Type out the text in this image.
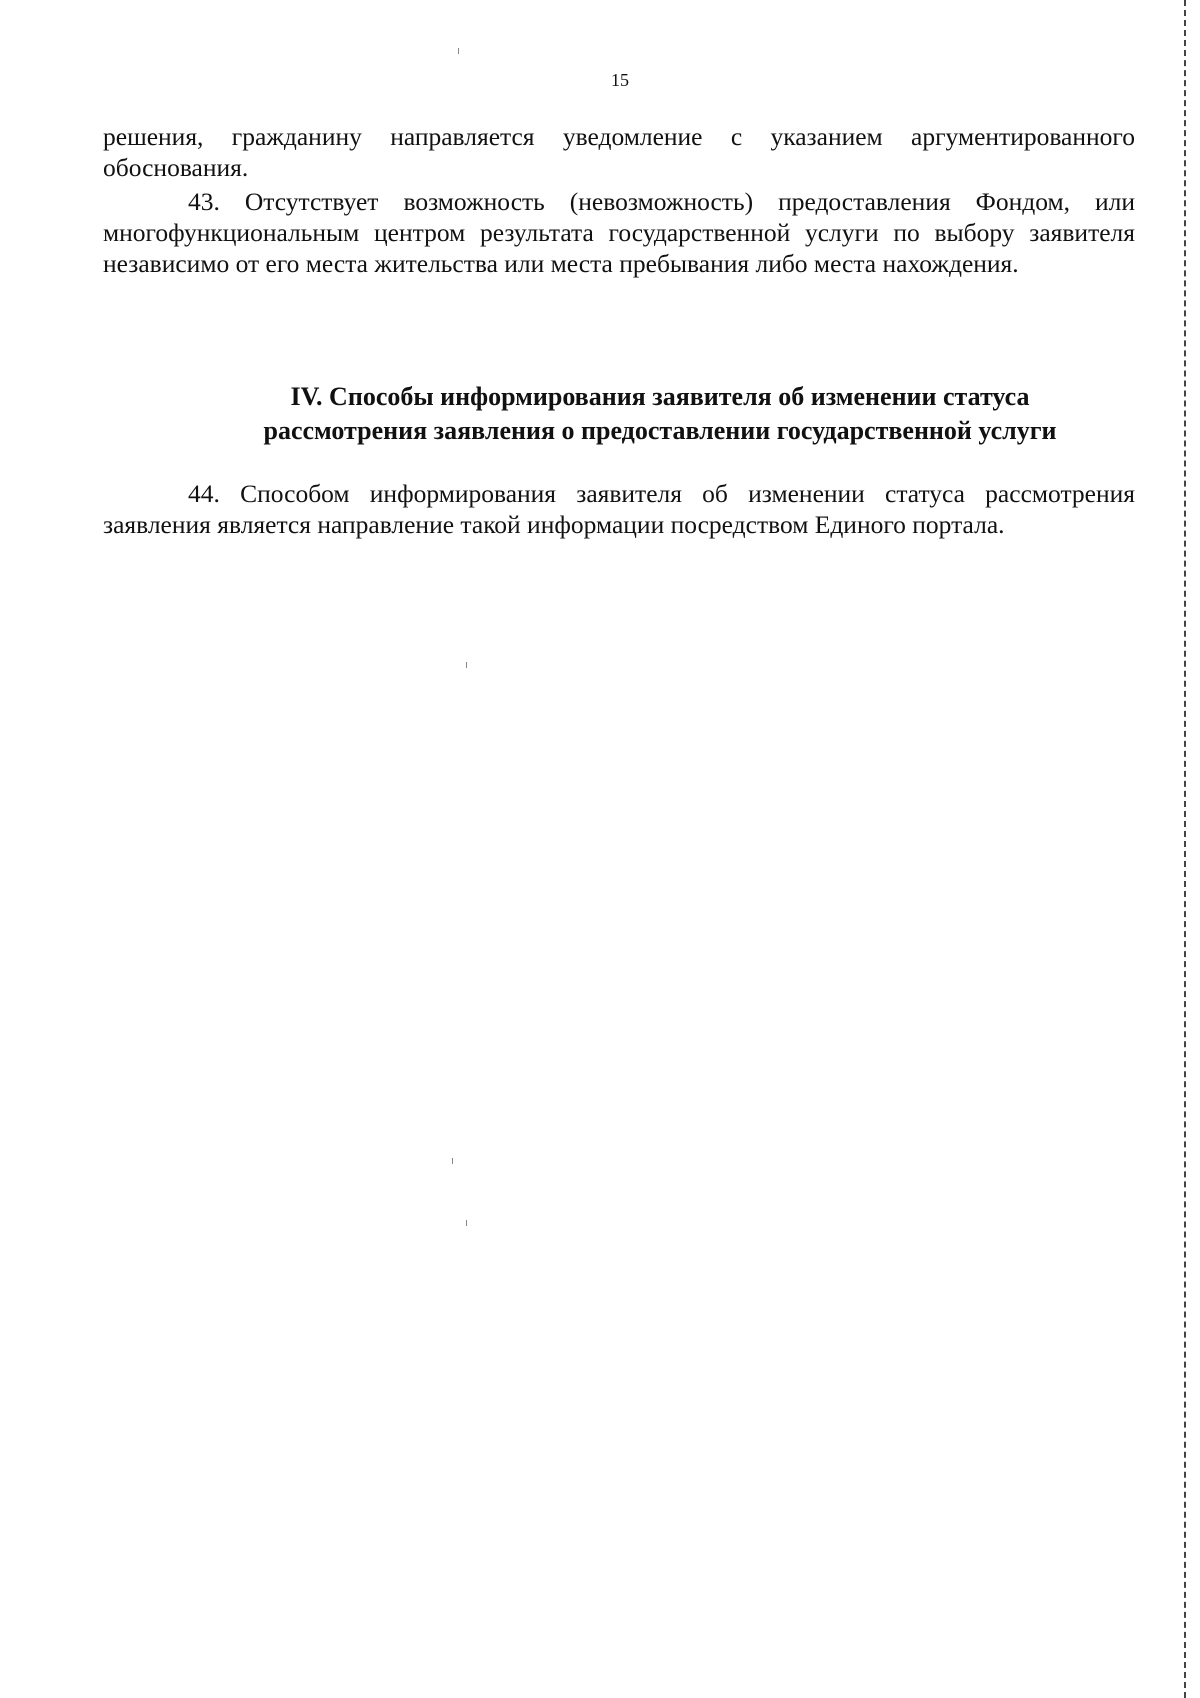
15

решения, гражданину направляется уведомление с указанием аргументированного обоснования.

43. Отсутствует возможность (невозможность) предоставления Фондом, или многофункциональным центром результата государственной услуги по выбору заявителя независимо от его места жительства или места пребывания либо места нахождения.

IV. Способы информирования заявителя об изменении статуса
рассмотрения заявления о предоставлении государственной услуги

44. Способом информирования заявителя об изменении статуса рассмотрения заявления является направление такой информации посредством Единого портала.
